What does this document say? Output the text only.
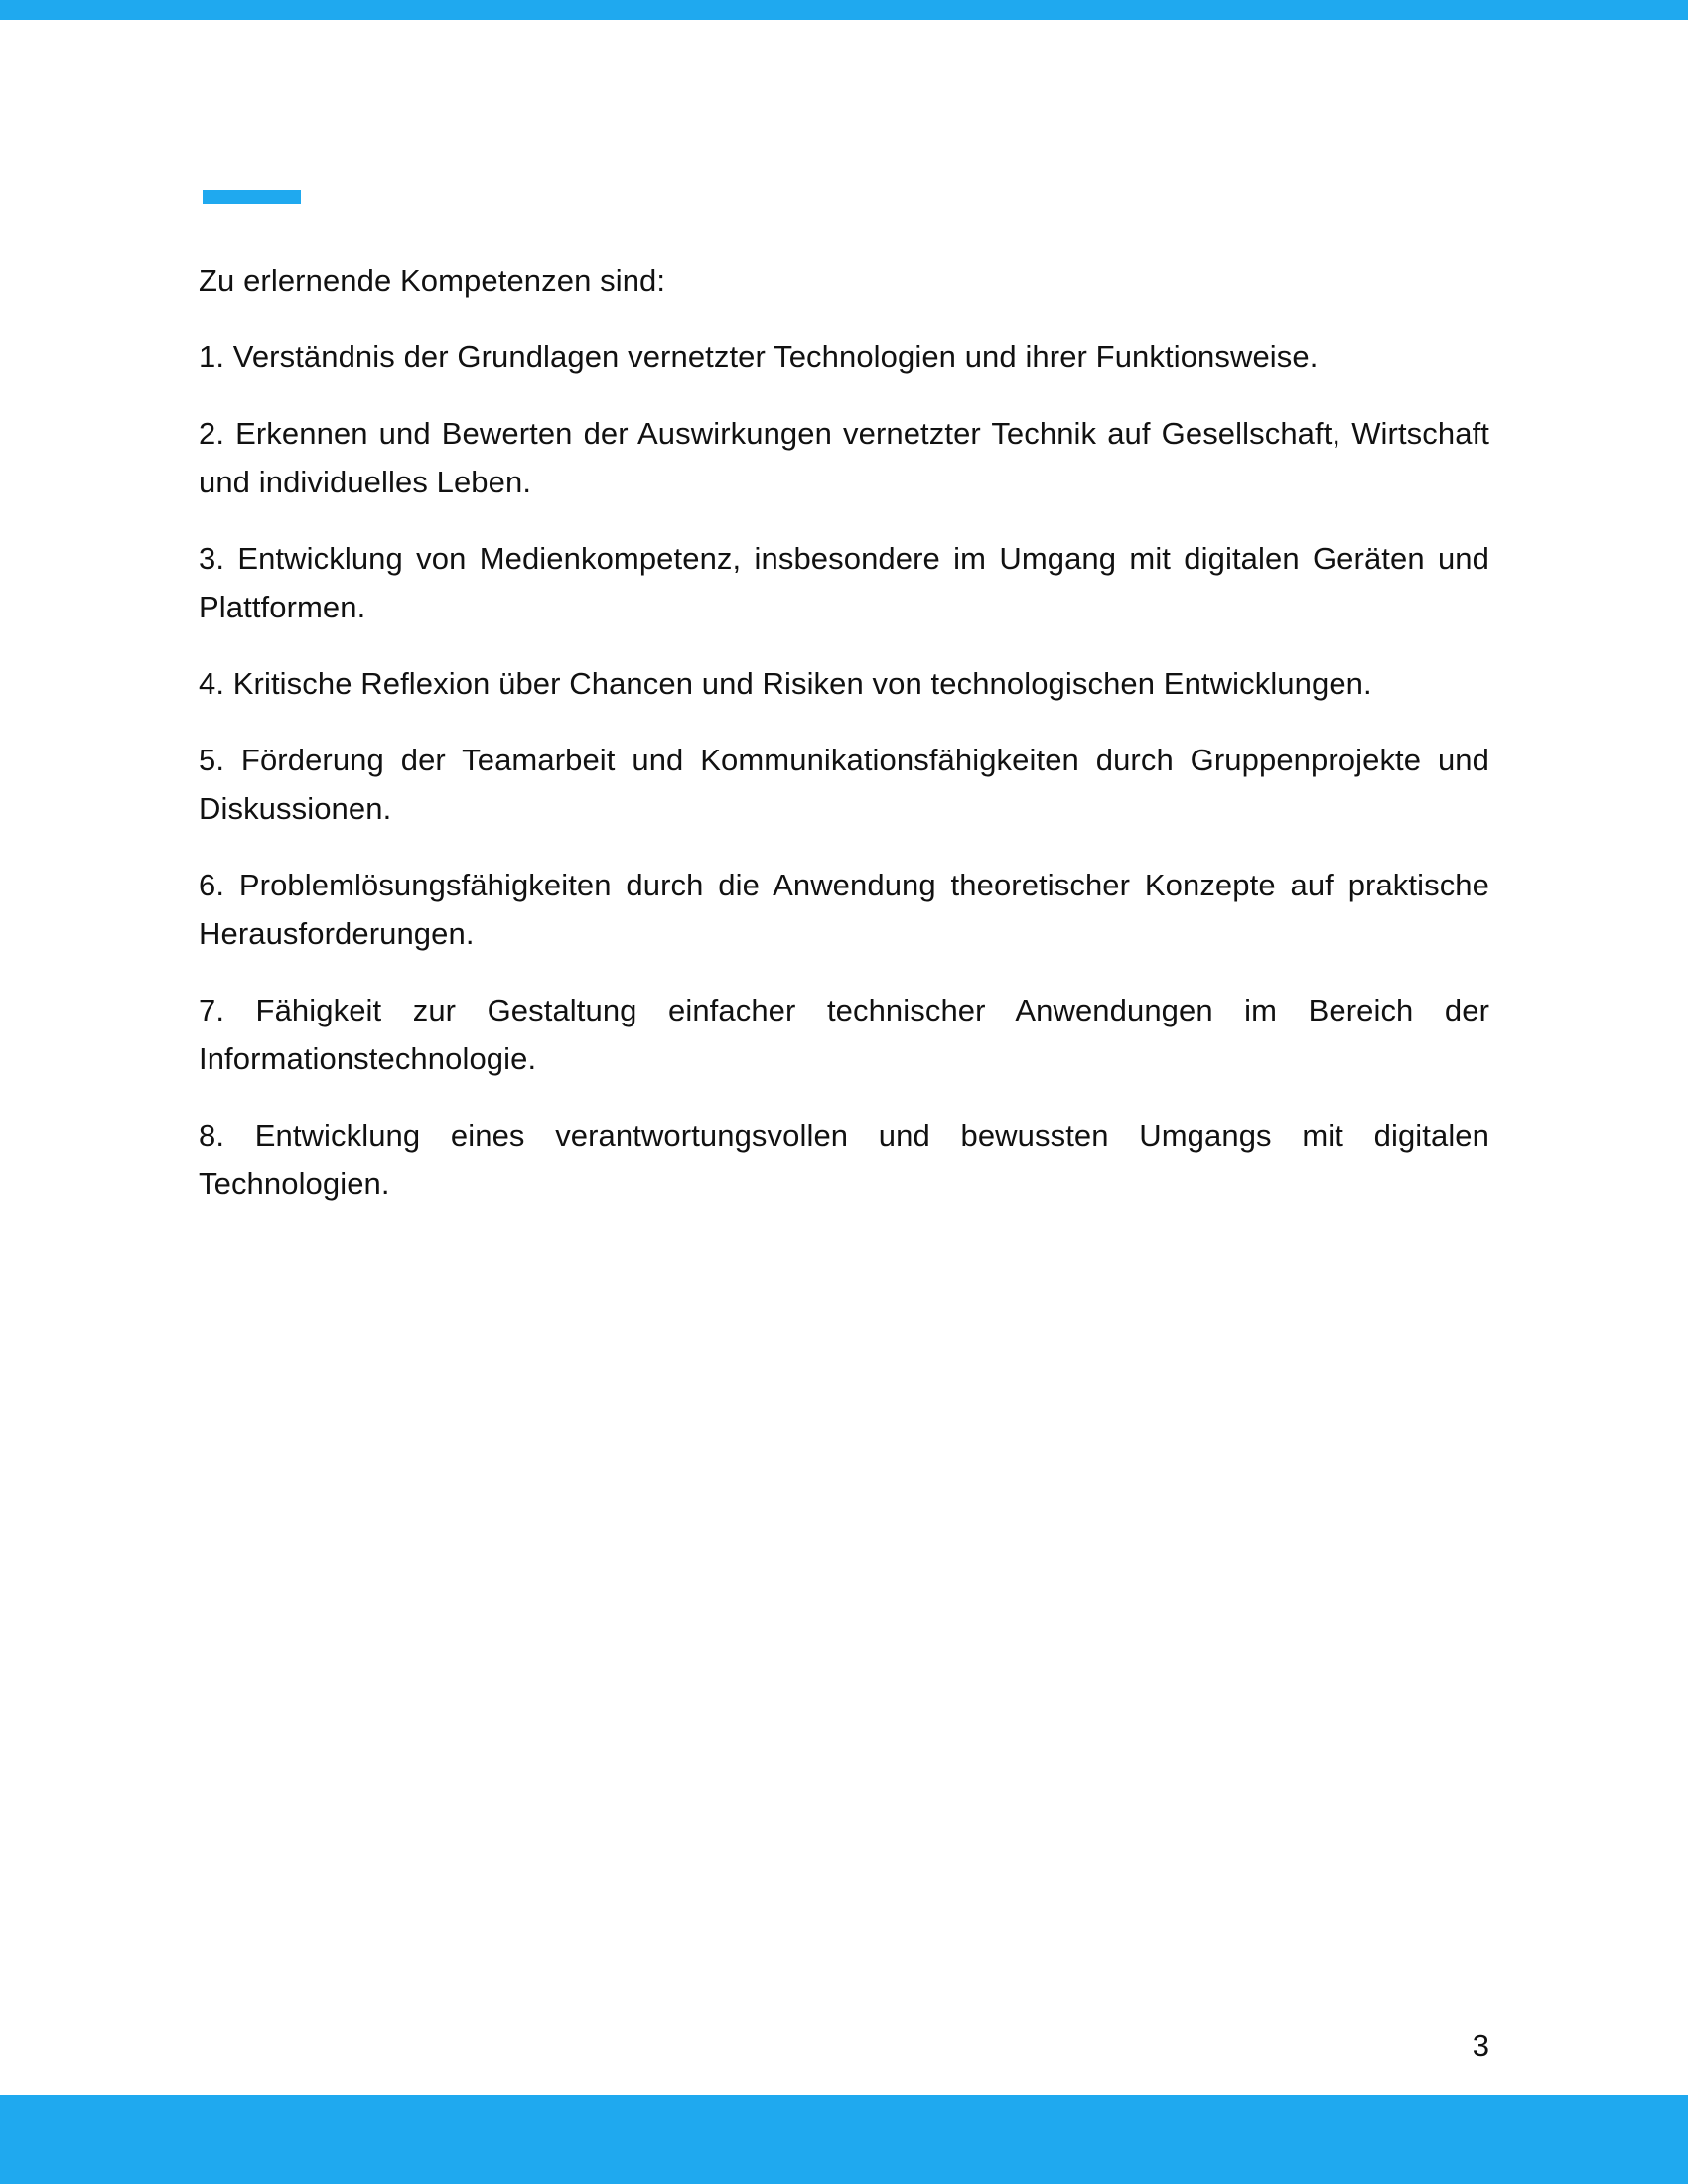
Zu erlernende Kompetenzen sind:

1. Verständnis der Grundlagen vernetzter Technologien und ihrer Funktionsweise.

2. Erkennen und Bewerten der Auswirkungen vernetzter Technik auf Gesellschaft, Wirtschaft und individuelles Leben.

3. Entwicklung von Medienkompetenz, insbesondere im Umgang mit digitalen Geräten und Plattformen.

4. Kritische Reflexion über Chancen und Risiken von technologischen Entwicklungen.

5. Förderung der Teamarbeit und Kommunikationsfähigkeiten durch Gruppenprojekte und Diskussionen.

6. Problemlösungsfähigkeiten durch die Anwendung theoretischer Konzepte auf praktische Herausforderungen.

7. Fähigkeit zur Gestaltung einfacher technischer Anwendungen im Bereich der Informationstechnologie.

8. Entwicklung eines verantwortungsvollen und bewussten Umgangs mit digitalen Technologien.

3
